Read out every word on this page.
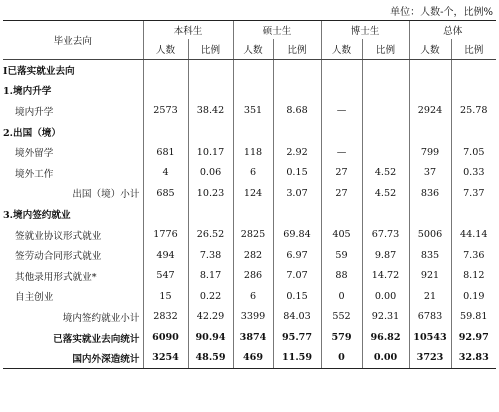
单位：人数-个，比例%
毕业去向	本科生		硕士生		博士生		总体	
	人数	比例	人数	比例	人数	比例	人数	比例
Ⅰ已落实就业去向								
1.境内升学								
境内升学	2573	38.42	351	8.68	—		2924	25.78
2.出国（境）								
境外留学	681	10.17	118	2.92	—		799	7.05
境外工作	4	0.06	6	0.15	27	4.52	37	0.33
出国（境）小计	685	10.23	124	3.07	27	4.52	836	7.37
3.境内签约就业								
签就业协议形式就业	1776	26.52	2825	69.84	405	67.73	5006	44.14
签劳动合同形式就业	494	7.38	282	6.97	59	9.87	835	7.36
其他录用形式就业*	547	8.17	286	7.07	88	14.72	921	8.12
自主创业	15	0.22	6	0.15	0	0.00	21	0.19
境内签约就业小计	2832	42.29	3399	84.03	552	92.31	6783	59.81
已落实就业去向统计	6090	90.94	3874	95.77	579	96.82	10543	92.97
国内外深造统计	3254	48.59	469	11.59	0	0.00	3723	32.83
